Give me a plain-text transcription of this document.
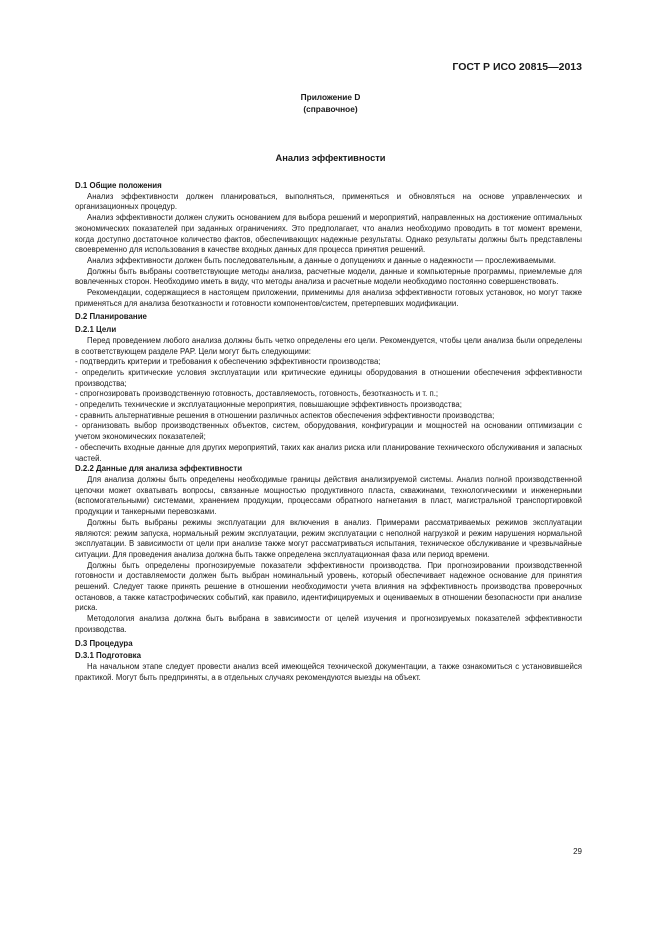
ГОСТ Р ИСО 20815—2013
Приложение D
(справочное)
Анализ эффективности
D.1 Общие положения

Анализ эффективности должен планироваться, выполняться, применяться и обновляться на основе управленческих и организационных процедур.

Анализ эффективности должен служить основанием для выбора решений и мероприятий, направленных на достижение оптимальных экономических показателей при заданных ограничениях. Это предполагает, что анализ необходимо проводить в тот момент времени, когда доступно достаточное количество фактов, обеспечивающих надежные результаты. Однако результаты должны быть представлены своевременно для использования в качестве входных данных для процесса принятия решений.

Анализ эффективности должен быть последовательным, а данные о допущениях и данные о надежности — прослеживаемыми.

Должны быть выбраны соответствующие методы анализа, расчетные модели, данные и компьютерные программы, приемлемые для вовлеченных сторон. Необходимо иметь в виду, что методы анализа и расчетные модели необходимо постоянно совершенствовать.

Рекомендации, содержащиеся в настоящем приложении, применимы для анализа эффективности готовых установок, но могут также применяться для анализа безотказности и готовности компонентов/систем, претерпевших модификации.

D.2 Планирование
D.2.1 Цели

Перед проведением любого анализа должны быть четко определены его цели. Рекомендуется, чтобы цели анализа были определены в соответствующем разделе PAP. Цели могут быть следующими:

- подтвердить критерии и требования к обеспечению эффективности производства;

- определить критические условия эксплуатации или критические единицы оборудования в отношении обеспечения эффективности производства;

- спрогнозировать производственную готовность, доставляемость, готовность, безотказность и т. п.;

- определить технические и эксплуатационные мероприятия, повышающие эффективность производства;

- сравнить альтернативные решения в отношении различных аспектов обеспечения эффективности производства;

- организовать выбор производственных объектов, систем, оборудования, конфигурации и мощностей на основании оптимизации с учетом экономических показателей;

- обеспечить входные данные для других мероприятий, таких как анализ риска или планирование технического обслуживания и запасных частей.

D.2.2 Данные для анализа эффективности

Для анализа должны быть определены необходимые границы действия анализируемой системы. Анализ полной производственной цепочки может охватывать вопросы, связанные мощностью продуктивного пласта, скважинами, технологическими и инженерными (вспомогательными) системами, хранением продукции, процессами обратного нагнетания в пласт, магистральной транспортировкой продукции и танкерными перевозками.

Должны быть выбраны режимы эксплуатации для включения в анализ. Примерами рассматриваемых режимов эксплуатации являются: режим запуска, нормальный режим эксплуатации, режим эксплуатации с неполной нагрузкой и режим нарушения нормальной эксплуатации. В зависимости от цели при анализе также могут рассматриваться испытания, техническое обслуживание и чрезвычайные ситуации. Для проведения анализа должна быть также определена эксплуатационная фаза или период времени.

Должны быть определены прогнозируемые показатели эффективности производства. При прогнозировании производственной готовности и доставляемости должен быть выбран номинальный уровень, который обеспечивает надежное основание для принятия решений. Следует также принять решение в отношении необходимости учета влияния на эффективность производства проверочных остановов, а также катастрофических событий, как правило, идентифицируемых и оцениваемых в отношении безопасности при анализе риска.

Методология анализа должна быть выбрана в зависимости от целей изучения и прогнозируемых показателей эффективности производства.

D.3 Процедура
D.3.1 Подготовка

На начальном этапе следует провести анализ всей имеющейся технической документации, а также ознакомиться с установившейся практикой. Могут быть предприняты, а в отдельных случаях рекомендуются выезды на объект.

29
